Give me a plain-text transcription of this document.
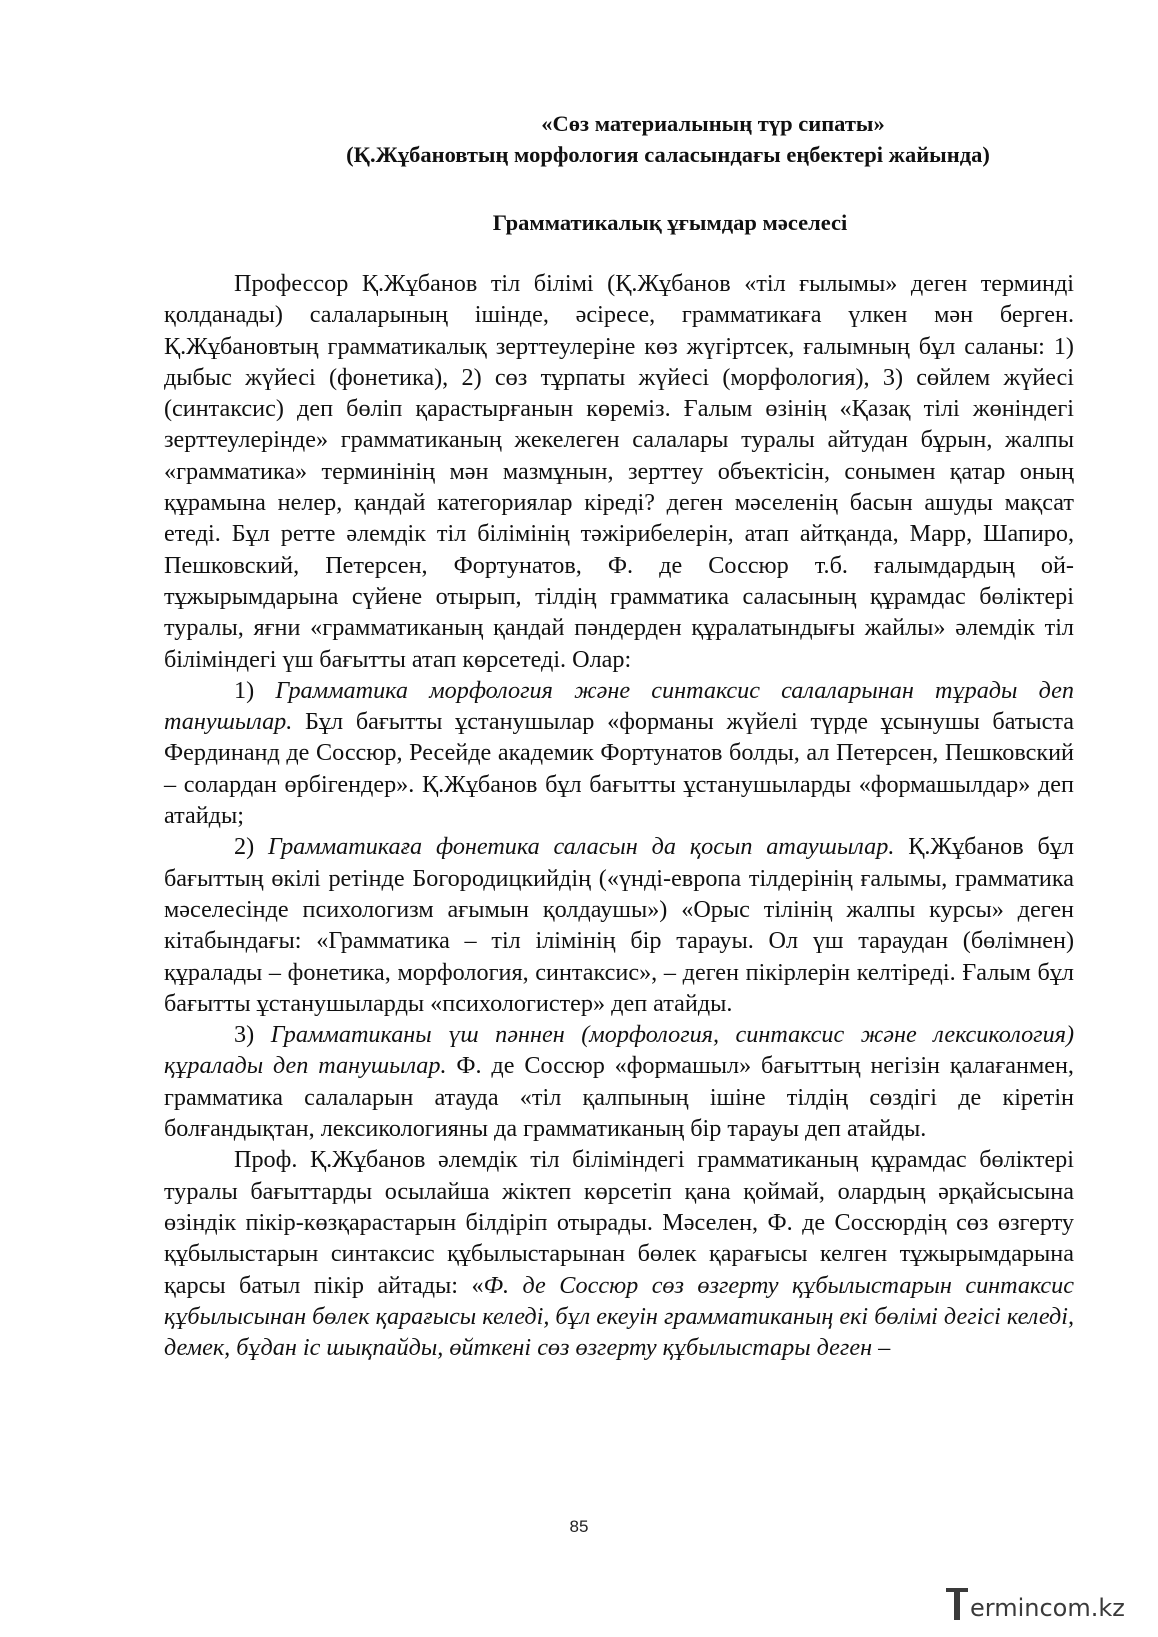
«Сөз материалының түр сипаты»
(Қ.Жұбановтың морфология саласындағы еңбектері жайында)
Грамматикалық ұғымдар мәселесі

Профессор Қ.Жұбанов тіл білімі (Қ.Жұбанов «тіл ғылымы» деген терминді қолданады) салаларының ішінде, әсіресе, грамматикаға үлкен мән берген. Қ.Жұбановтың грамматикалық зерттеулеріне көз жүгіртсек, ғалымның бұл саланы: 1) дыбыс жүйесі (фонетика), 2) сөз тұрпаты жүйесі (морфология), 3) сөйлем жүйесі (синтаксис) деп бөліп қарастырғанын көреміз. Ғалым өзінің «Қазақ тілі жөніндегі зерттеулерінде» грамматиканың жекелеген салалары туралы айтудан бұрын, жалпы «грамматика» терминінің мән мазмұнын, зерттеу объектісін, сонымен қатар оның құрамына нелер, қандай категориялар кіреді? деген мәселенің басын ашуды мақсат етеді. Бұл ретте әлемдік тіл білімінің тәжірибелерін, атап айтқанда, Марр, Шапиро, Пешковский, Петерсен, Фортунатов, Ф. де Соссюр т.б. ғалымдардың ой-тұжырымдарына сүйене отырып, тілдің грамматика саласының құрамдас бөліктері туралы, яғни «грамматиканың қандай пәндерден құралатындығы жайлы» әлемдік тіл біліміндегі үш бағытты атап көрсетеді. Олар:

1) Грамматика морфология және синтаксис салаларынан тұрады деп танушылар. Бұл бағытты ұстанушылар «форманы жүйелі түрде ұсынушы батыста Фердинанд де Соссюр, Ресейде академик Фортунатов болды, ал Петерсен, Пешковский – солардан өрбігендер». Қ.Жұбанов бұл бағытты ұстанушыларды «формашылдар» деп атайды;

2) Грамматикаға фонетика саласын да қосып атаушылар. Қ.Жұбанов бұл бағыттың өкілі ретінде Богородицкийдің («үнді-европа тілдерінің ғалымы, грамматика мәселесінде психологизм ағымын қолдаушы») «Орыс тілінің жалпы курсы» деген кітабындағы: «Грамматика – тіл ілімінің бір тарауы. Ол үш тараудан (бөлімнен) құралады – фонетика, морфология, синтаксис», – деген пікірлерін келтіреді. Ғалым бұл бағытты ұстанушыларды «психологистер» деп атайды.

3) Грамматиканы үш пәннен (морфология, синтаксис және лексикология) құралады деп танушылар. Ф. де Соссюр «формашыл» бағыттың негізін қалағанмен, грамматика салаларын атауда «тіл қалпының ішіне тілдің сөздігі де кіретін болғандықтан, лексикологияны да грамматиканың бір тарауы деп атайды.

Проф. Қ.Жұбанов әлемдік тіл біліміндегі грамматиканың құрамдас бөліктері туралы бағыттарды осылайша жіктеп көрсетіп қана қоймай, олардың әрқайсысына өзіндік пікір-көзқарастарын білдіріп отырады. Мәселен, Ф. де Соссюрдің сөз өзгерту құбылыстарын синтаксис құбылыстарынан бөлек қарағысы келген тұжырымдарына қарсы батыл пікір айтады: «Ф. де Соссюр сөз өзгерту құбылыстарын синтаксис құбылысынан бөлек қарағысы келеді, бұл екеуін грамматиканың екі бөлімі дегісі келеді, демек, бұдан іс шықпайды, өйткені сөз өзгерту құбылыстары деген –

85
ermincom.kz
